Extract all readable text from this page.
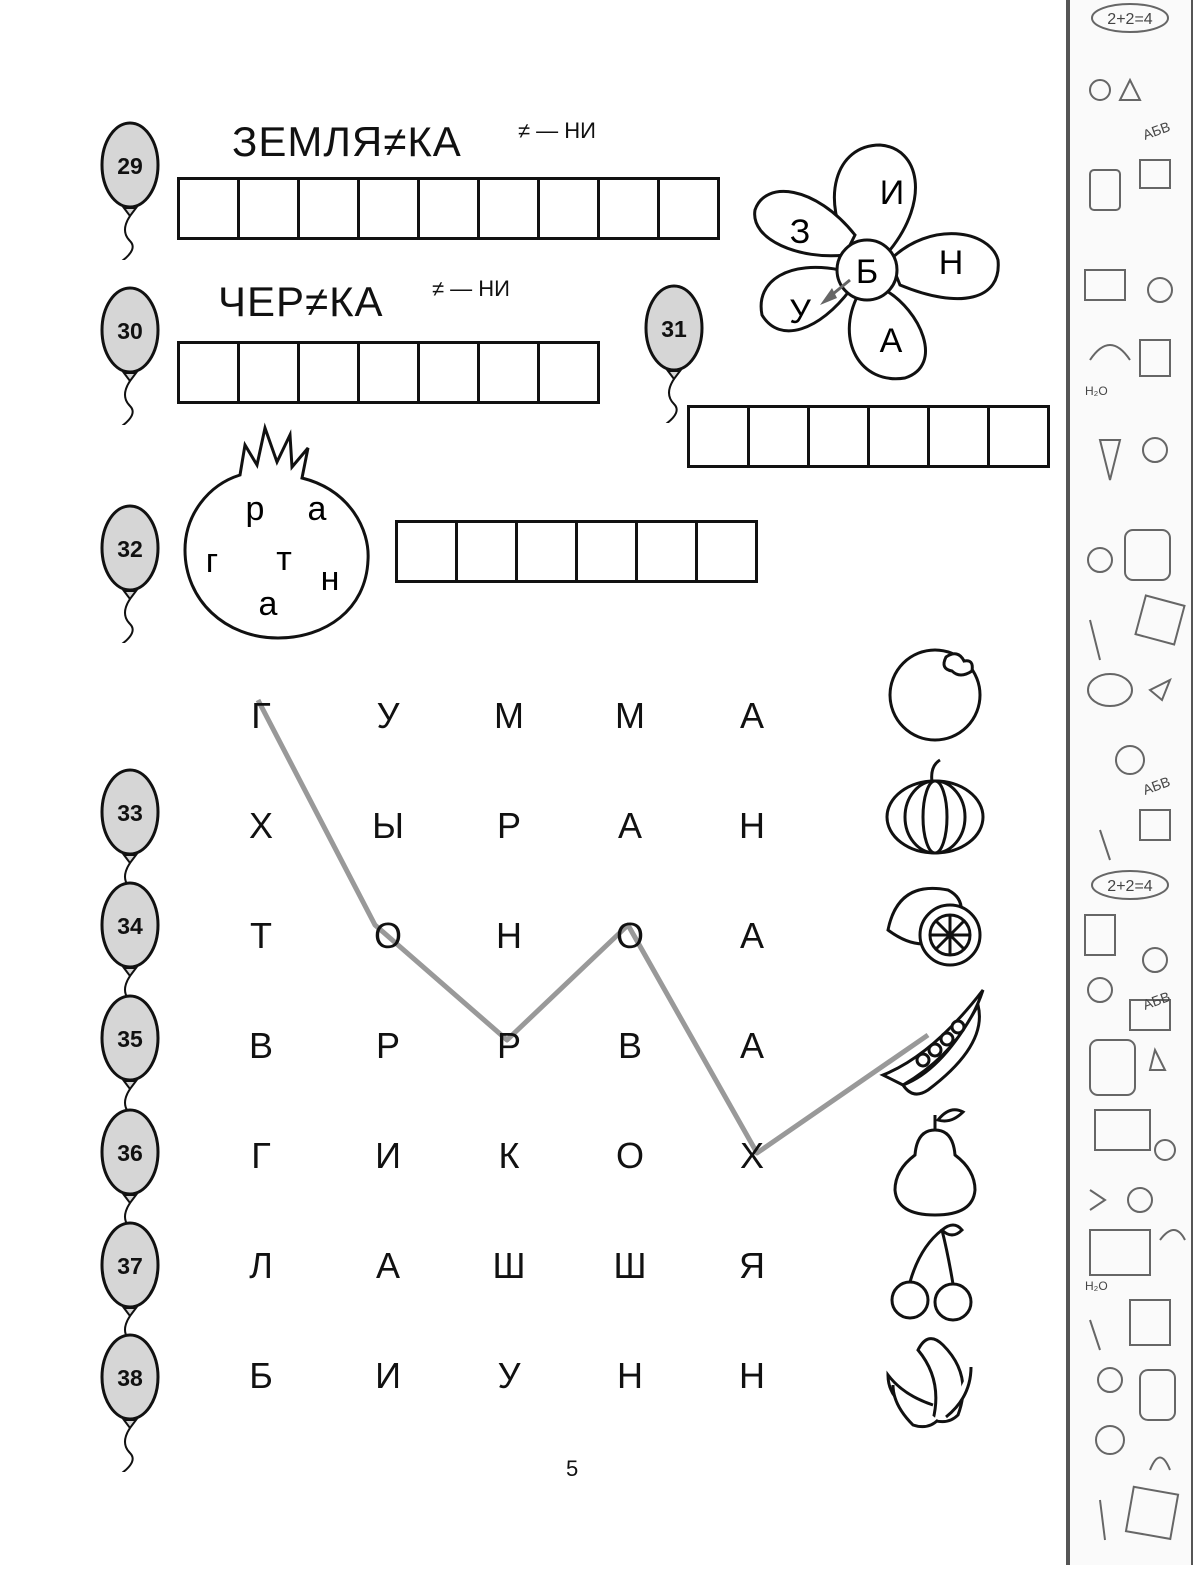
2+2=4
2+2=4
АБВ
АБВ
АБВ
H₂O
H₂O
29
30	31
32
ЗЕМЛЯ≠КА	≠ — НИ
ЧЕР≠КА ≠ — НИ	Б
И
Н
А
У
З
р а
г т
н
а
33
34
35
36
37
38
Г	У	М	М	А
Х	Ы	Р	А	Н
Т	О	Н	О	А
В	Р	Р	В	А
Г	И	К	О	Х
Л	А	Ш	Ш	Я
Б	И	У	Н	Н
5
